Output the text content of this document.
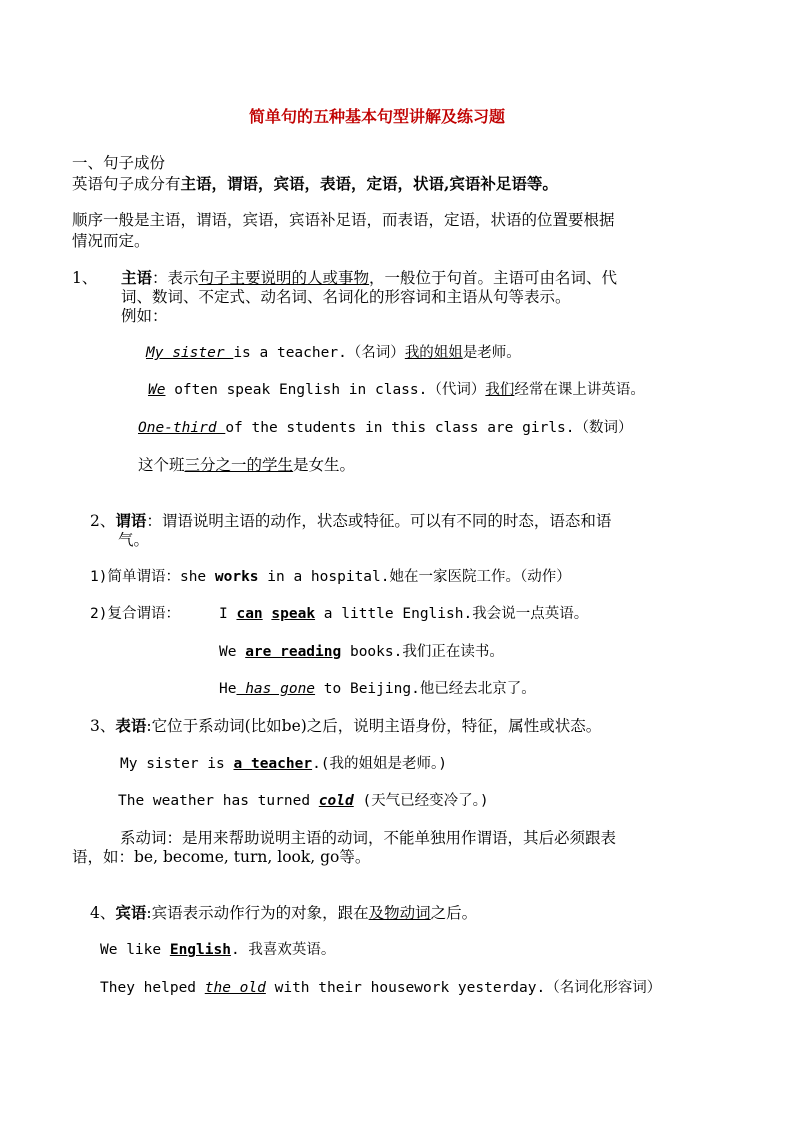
简单句的五种基本句型讲解及练习题
一、句子成份
英语句子成分有主语，谓语，宾语，表语，定语，状语,宾语补足语等。
顺序一般是主语，谓语，宾语，宾语补足语，而表语，定语，状语的位置要根据
情况而定。
1、 主语：表示句子主要说明的人或事物，一般位于句首。主语可由名词、代
词、数词、不定式、动名词、名词化的形容词和主语从句等表示。
例如：
My sister is a teacher.（名词）我的姐姐是老师。
We often speak English in class.（代词）我们经常在课上讲英语。
One-third of the students in this class are girls.（数词）
这个班三分之一的学生是女生。
2、谓语：谓语说明主语的动作，状态或特征。可以有不同的时态，语态和语
气。
1)简单谓语：she works in a hospital.她在一家医院工作。（动作）
2)复合谓语：	I can speak a little English.我会说一点英语。
We are reading books.我们正在读书。
He has gone to Beijing.他已经去北京了。
3、表语:它位于系动词(比如be)之后，说明主语身份，特征，属性或状态。
My sister is a teacher.(我的姐姐是老师。)
The weather has turned cold (天气已经变冷了。)
系动词：是用来帮助说明主语的动词，不能单独用作谓语，其后必须跟表
语，如：be, become, turn, look, go等。
4、宾语:宾语表示动作行为的对象，跟在及物动词之后。
We like English. 我喜欢英语。
They helped the old with their housework yesterday.（名词化形容词）
